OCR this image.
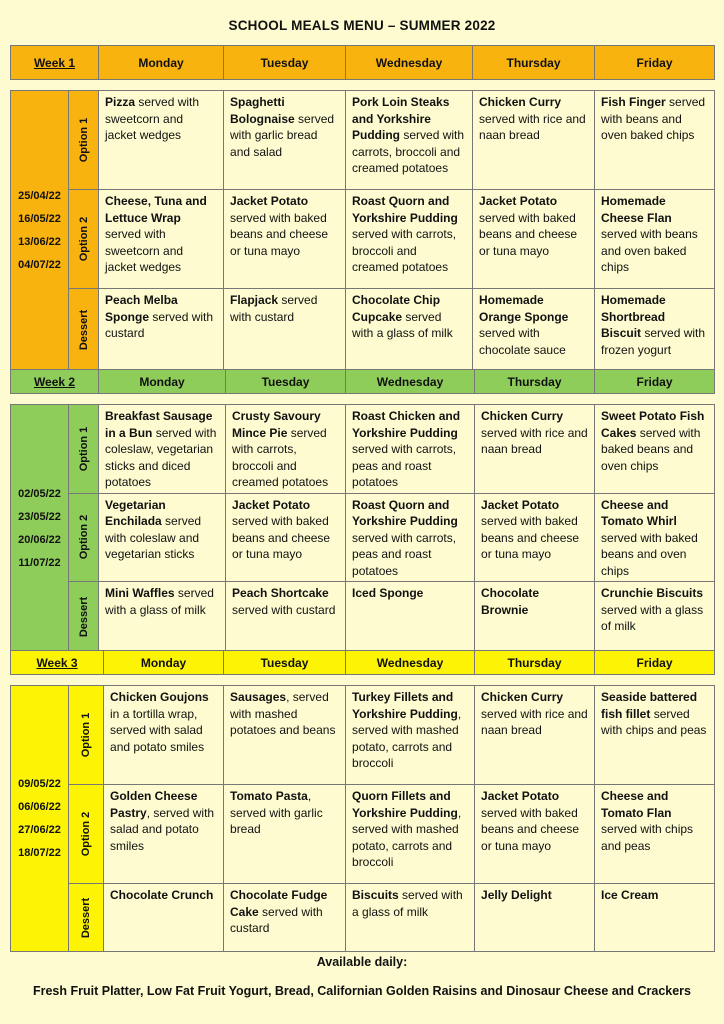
SCHOOL MEALS MENU – SUMMER 2022
Week 1		Monday	Tuesday	Wednesday	Thursday	Friday

25/04/22
16/05/22
13/06/22
04/07/22	Option 1	Pizza served with sweetcorn and jacket wedges	Spaghetti Bolognaise served with garlic bread and salad	Pork Loin Steaks and Yorkshire Pudding served with carrots, broccoli and creamed potatoes	Chicken Curry served with rice and naan bread	Fish Finger served with beans and oven baked chips

	Option 2	Cheese, Tuna and Lettuce Wrap served with sweetcorn and jacket wedges	Jacket Potato served with baked beans and cheese or tuna mayo	Roast Quorn and Yorkshire Pudding served with carrots, broccoli and creamed potatoes	Jacket Potato served with baked beans and cheese or tuna mayo	Homemade Cheese Flan served with beans and oven baked chips

	Dessert	Peach Melba Sponge served with custard	Flapjack served with custard	Chocolate Chip Cupcake served with a glass of milk	Homemade Orange Sponge served with chocolate sauce	Homemade Shortbread Biscuit served with frozen yogurt
Week 2		Monday	Tuesday	Wednesday	Thursday	Friday

02/05/22
23/05/22
20/06/22
11/07/22	Option 1	Breakfast Sausage in a Bun served with coleslaw, vegetarian sticks and diced potatoes	Crusty Savoury Mince Pie served with carrots, broccoli and creamed potatoes	Roast Chicken and Yorkshire Pudding served with carrots, peas and roast potatoes	Chicken Curry served with rice and naan bread	Sweet Potato Fish Cakes served with baked beans and oven chips

	Option 2	Vegetarian Enchilada served with coleslaw and vegetarian sticks	Jacket Potato served with baked beans and cheese or tuna mayo	Roast Quorn and Yorkshire Pudding served with carrots, peas and roast potatoes	Jacket Potato served with baked beans and cheese or tuna mayo	Cheese and Tomato Whirl served with baked beans and oven chips

	Dessert	Mini Waffles served with a glass of milk	Peach Shortcake served with custard	Iced Sponge	Chocolate Brownie	Crunchie Biscuits served with a glass of milk
Week 3		Monday	Tuesday	Wednesday	Thursday	Friday

09/05/22
06/06/22
27/06/22
18/07/22	Option 1	Chicken Goujons in a tortilla wrap, served with salad and potato smiles	Sausages, served with mashed potatoes and beans	Turkey Fillets and Yorkshire Pudding, served with mashed potato, carrots and broccoli	Chicken Curry served with rice and naan bread	Seaside battered fish fillet served with chips and peas

	Option 2	Golden Cheese Pastry, served with salad and potato smiles	Tomato Pasta, served with garlic bread	Quorn Fillets and Yorkshire Pudding, served with mashed potato, carrots and broccoli	Jacket Potato served with baked beans and cheese or tuna mayo	Cheese and Tomato Flan served with chips and peas

	Dessert	Chocolate Crunch	Chocolate Fudge Cake served with custard	Biscuits served with a glass of milk	Jelly Delight	Ice Cream
Available daily:
Fresh Fruit Platter, Low Fat Fruit Yogurt, Bread, Californian Golden Raisins and Dinosaur Cheese and Crackers
